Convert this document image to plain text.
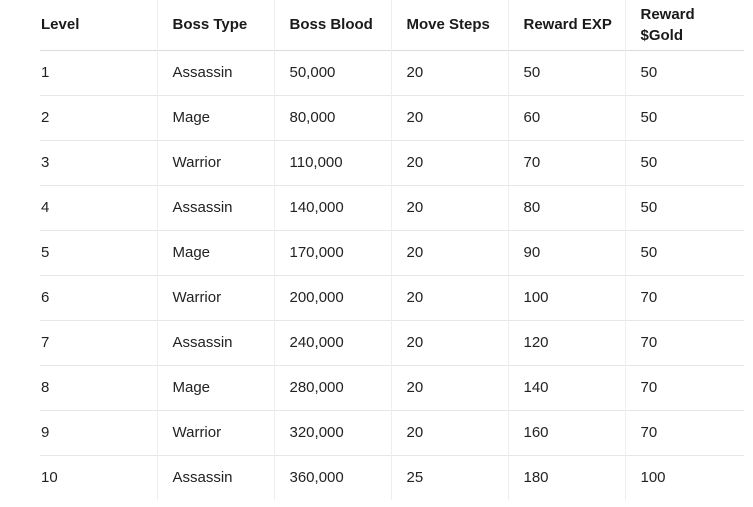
Level	Boss Type	Boss Blood	Move Steps	Reward EXP	Reward
$Gold

1	Assassin	50,000	20	50	50
2	Mage	80,000	20	60	50
3	Warrior	110,000	20	70	50
4	Assassin	140,000	20	80	50
5	Mage	170,000	20	90	50
6	Warrior	200,000	20	100	70
7	Assassin	240,000	20	120	70
8	Mage	280,000	20	140	70
9	Warrior	320,000	20	160	70
10	Assassin	360,000	25	180	100
